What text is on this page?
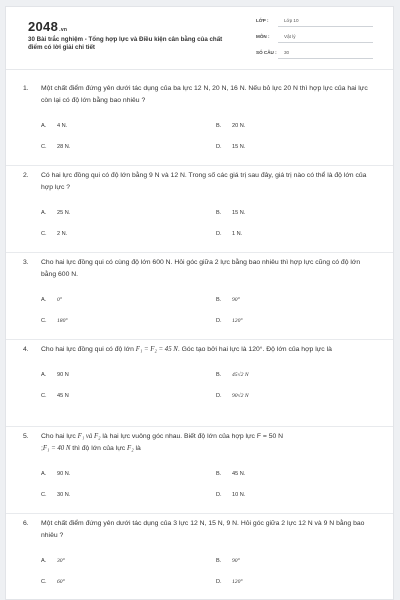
2048.vn
30 Bài trắc nghiệm - Tổng hợp lực và Điều kiện cân bằng của chất điểm có lời giải chi tiết
LỚP :	Lớp 10
MÔN :	Vật lý
SỐ CÂU : 30
1. Một chất điểm đứng yên dưới tác dụng của ba lực 12 N, 20 N, 16 N. Nếu bỏ lực 20 N thì hợp lực của hai lực còn lại có độ lớn bằng bao nhiêu ?
A. 4 N.	B. 20 N.
C. 28 N.	D. 15 N.
2. Có hai lực đồng qui có độ lớn bằng 9 N và 12 N. Trong số các giá trị sau đây, giá trị nào có thể là độ lớn của hợp lực ?
A. 25 N.	B. 15 N.
C. 2 N.	D. 1 N.
3. Cho hai lực đồng qui có cùng độ lớn 600 N. Hỏi góc giữa 2 lực bằng bao nhiêu thì hợp lực cũng có độ lớn bằng 600 N.
A. 0°	B. 90°
C. 180°	D. 120°
4. Cho hai lực đồng qui có độ lớn F₁ = F₂ = 45 N. Góc tạo bởi hai lực là 120°. Độ lớn của hợp lực là
A. 90 N	B. 45√2 N
C. 45 N	D. 90√2 N
5. Cho hai lực F₁ và F₂ là hai lực vuông góc nhau. Biết độ lớn của hợp lực F = 50 N
;F₁ = 40 N thì độ lớn của lực F₂ là
A. 90 N.	B. 45 N.
C. 30 N.	D. 10 N.
6. Một chất điểm đứng yên dưới tác dụng của 3 lực 12 N, 15 N, 9 N. Hỏi góc giữa 2 lực 12 N và 9 N bằng bao nhiêu ?
A. 30°	B. 90°
C. 60°	D. 120°
